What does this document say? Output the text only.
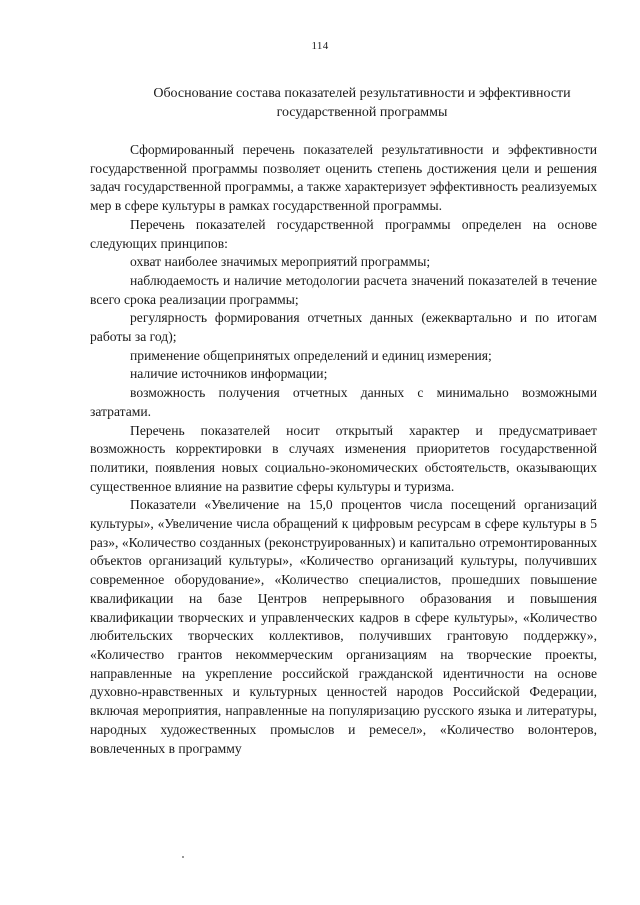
114
Обоснование состава показателей результативности и эффективности государственной программы

Сформированный перечень показателей результативности и эффективности государственной программы позволяет оценить степень достижения цели и решения задач государственной программы, а также характеризует эффективность реализуемых мер в сфере культуры в рамках государственной программы.

Перечень показателей государственной программы определен на основе следующих принципов:

охват наиболее значимых мероприятий программы;

наблюдаемость и наличие методологии расчета значений показателей в течение всего срока реализации программы;

регулярность формирования отчетных данных (ежеквартально и по итогам работы за год);

применение общепринятых определений и единиц измерения;

наличие источников информации;

возможность получения отчетных данных с минимально возможными затратами.

Перечень показателей носит открытый характер и предусматривает возможность корректировки в случаях изменения приоритетов государственной политики, появления новых социально-экономических обстоятельств, оказывающих существенное влияние на развитие сферы культуры и туризма.

Показатели «Увеличение на 15,0 процентов числа посещений организаций культуры», «Увеличение числа обращений к цифровым ресурсам в сфере культуры в 5 раз», «Количество созданных (реконструированных) и капитально отремонтированных объектов организаций культуры», «Количество организаций культуры, получивших современное оборудование», «Количество специалистов, прошедших повышение квалификации на базе Центров непрерывного образования и повышения квалификации творческих и управленческих кадров в сфере культуры», «Количество любительских творческих коллективов, получивших грантовую поддержку», «Количество грантов некоммерческим организациям на творческие проекты, направленные на укрепление российской гражданской идентичности на основе духовно-нравственных и культурных ценностей народов Российской Федерации, включая мероприятия, направленные на популяризацию русского языка и литературы, народных художественных промыслов и ремесел», «Количество волонтеров, вовлеченных в программу
